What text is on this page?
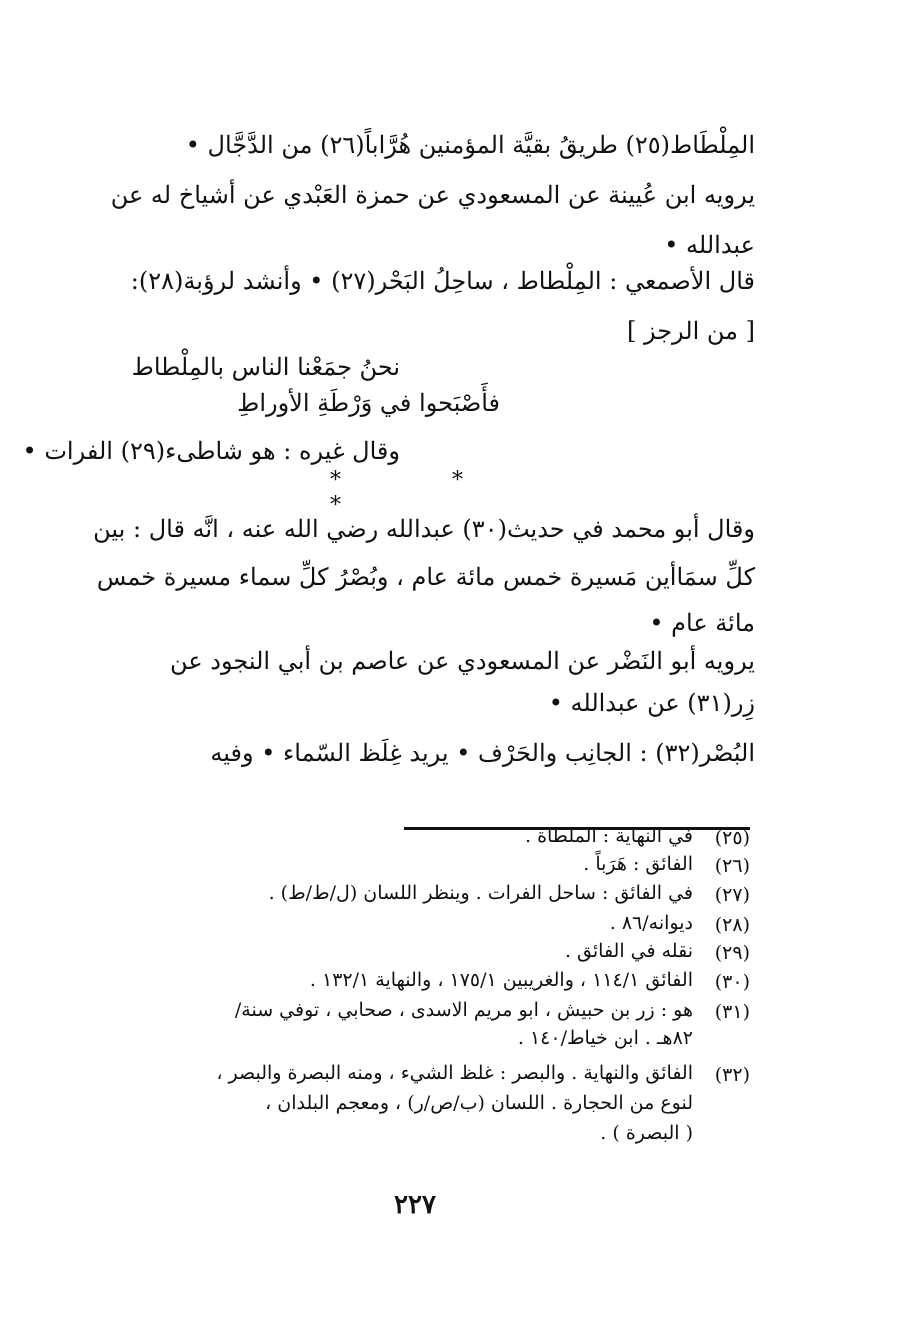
المِلْطَاط(٢٥) طريقُ بقيَّة المؤمنين هُرَّاباً(٢٦) من الدَّجَّال •
يرويه ابن عُيينة عن المسعودي عن حمزة العَبْدي عن أشياخ له عن
عبدالله •
قال الأصمعي : المِلْطاط ، ساحِلُ البَحْر(٢٧) • وأنشد لرؤبة(٢٨):
[ من الرجز ]
نحنُ جمَعْنا الناس بالمِلْطاط
فأَصْبَحوا في وَرْطَةِ الأوراطِ
وقال غيره : هو شاطىء(٢٩) الفرات •
* * *
وقال أبو محمد في حديث(٣٠) عبدالله رضي الله عنه ، انَّه قال : بين
كلِّ سمَاأين مَسيرة خمس مائة عام ، وبُصْرُ كلِّ سماء مسيرة خمس
مائة عام •
يرويه أبو النَضْر عن المسعودي عن عاصم بن أبي النجود عن
زِر(٣١) عن عبدالله •
البُصْر(٣٢) : الجانِب والحَرْف • يريد غِلَظ السّماء • وفيه
(٢٥)
في النهاية : الملطاة .
(٢٦)
الفائق : هَرَباً .
(٢٧)
في الفائق : ساحل الفرات . وينظر اللسان (ل/ط/ط) .
(٢٨)
ديوانه/٨٦ .
(٢٩)
نقله في الفائق .
(٣٠)
الفائق ١١٤/١ ، والغريبين ١٧٥/١ ، والنهاية ١٣٢/١ .
(٣١)
هو : زر بن حبيش ، ابو مريم الاسدى ، صحابي ، توفي سنة/
٨٢هـ . ابن خياط/١٤٠ .
(٣٢)
الفائق والنهاية . والبصر : غلظ الشيء ، ومنه البصرة والبصر ،
لنوع من الحجارة . اللسان (ب/ص/ر) ، ومعجم البلدان ،
( البصرة ) .
٢٢٧
